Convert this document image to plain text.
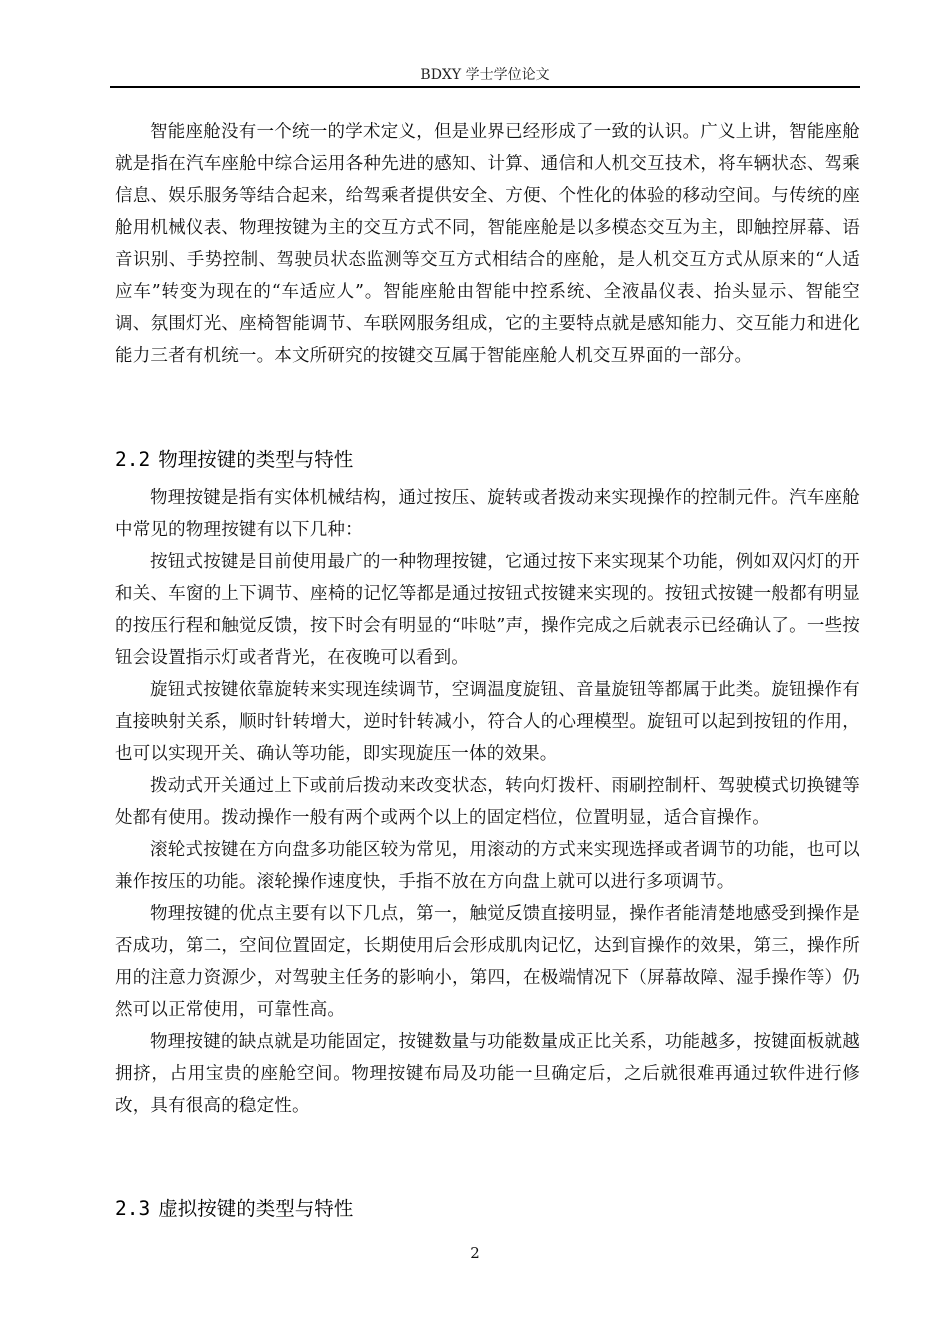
BDXY 学士学位论文

智能座舱没有一个统一的学术定义，但是业界已经形成了一致的认识。广义上讲，智能座舱就是指在汽车座舱中综合运用各种先进的感知、计算、通信和人机交互技术，将车辆状态、驾乘信息、娱乐服务等结合起来，给驾乘者提供安全、方便、个性化的体验的移动空间。与传统的座舱用机械仪表、物理按键为主的交互方式不同，智能座舱是以多模态交互为主，即触控屏幕、语音识别、手势控制、驾驶员状态监测等交互方式相结合的座舱，是人机交互方式从原来的“人适应车”转变为现在的“车适应人”。智能座舱由智能中控系统、全液晶仪表、抬头显示、智能空调、氛围灯光、座椅智能调节、车联网服务组成，它的主要特点就是感知能力、交互能力和进化能力三者有机统一。本文所研究的按键交互属于智能座舱人机交互界面的一部分。

2.2 物理按键的类型与特性

物理按键是指有实体机械结构，通过按压、旋转或者拨动来实现操作的控制元件。汽车座舱中常见的物理按键有以下几种：

按钮式按键是目前使用最广的一种物理按键，它通过按下来实现某个功能，例如双闪灯的开和关、车窗的上下调节、座椅的记忆等都是通过按钮式按键来实现的。按钮式按键一般都有明显的按压行程和触觉反馈，按下时会有明显的“咔哒”声，操作完成之后就表示已经确认了。一些按钮会设置指示灯或者背光，在夜晚可以看到。

旋钮式按键依靠旋转来实现连续调节，空调温度旋钮、音量旋钮等都属于此类。旋钮操作有直接映射关系，顺时针转增大，逆时针转减小，符合人的心理模型。旋钮可以起到按钮的作用，也可以实现开关、确认等功能，即实现旋压一体的效果。

拨动式开关通过上下或前后拨动来改变状态，转向灯拨杆、雨刷控制杆、驾驶模式切换键等处都有使用。拨动操作一般有两个或两个以上的固定档位，位置明显，适合盲操作。

滚轮式按键在方向盘多功能区较为常见，用滚动的方式来实现选择或者调节的功能，也可以兼作按压的功能。滚轮操作速度快，手指不放在方向盘上就可以进行多项调节。

物理按键的优点主要有以下几点，第一，触觉反馈直接明显，操作者能清楚地感受到操作是否成功，第二，空间位置固定，长期使用后会形成肌肉记忆，达到盲操作的效果，第三，操作所用的注意力资源少，对驾驶主任务的影响小，第四，在极端情况下（屏幕故障、湿手操作等）仍然可以正常使用，可靠性高。

物理按键的缺点就是功能固定，按键数量与功能数量成正比关系，功能越多，按键面板就越拥挤，占用宝贵的座舱空间。物理按键布局及功能一旦确定后，之后就很难再通过软件进行修改，具有很高的稳定性。

2.3 虚拟按键的类型与特性
2
